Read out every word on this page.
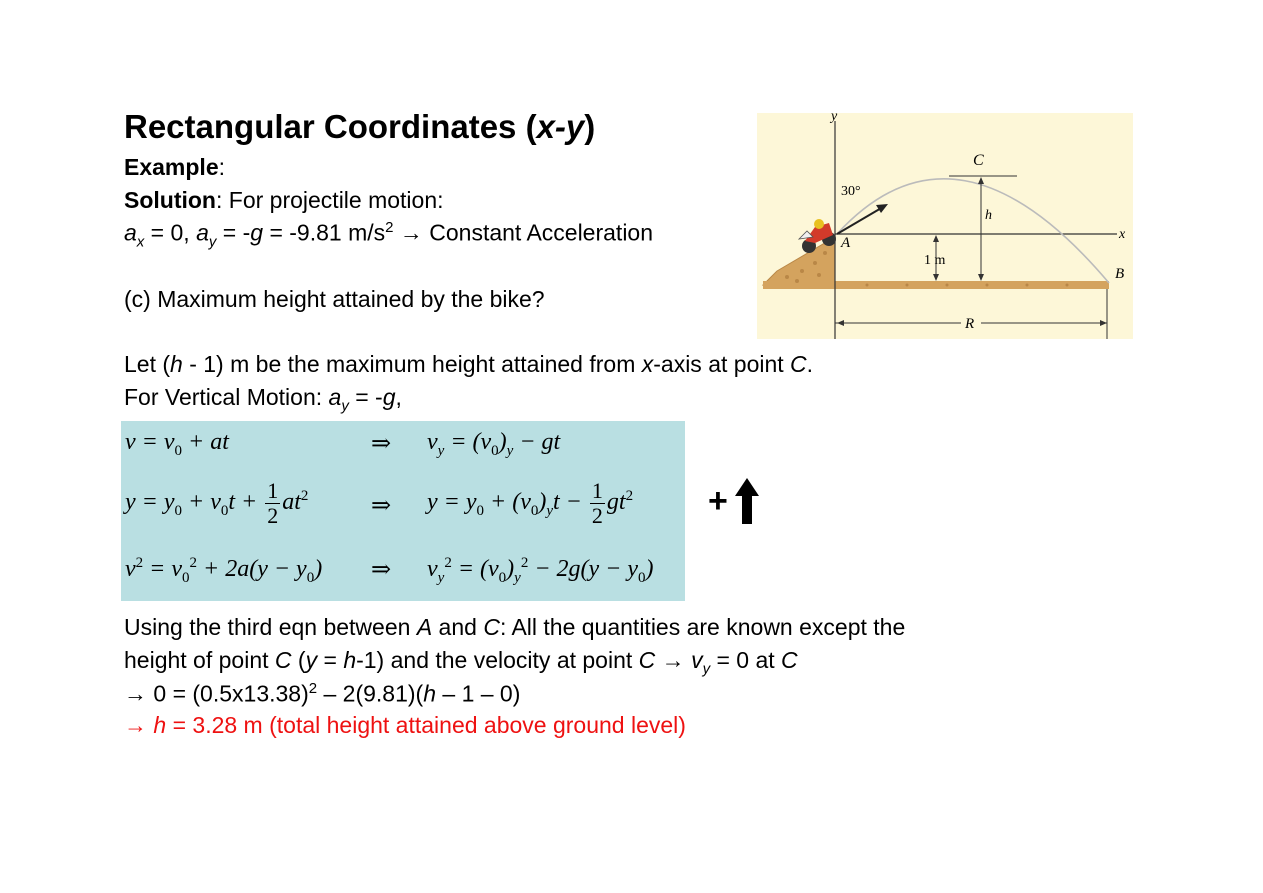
Rectangular Coordinates (x-y)
Example:
Solution: For projectile motion:
$a_x = 0$, $a_y = -g = -9.81$ $m/s^2$ → Constant Acceleration
(c) Maximum height attained by the bike?
y
x
30°
C
h
A
1 m
B
R
Let (h - 1) m be the maximum height attained from x-axis at point C.
For Vertical Motion: $a_y = -g$,
$v = v_0$ + at	⇒ $v_y = (v_0)_y$ − gt
$y = y_0 + v_0t + \frac{1}{2} at^2$	⇒ $y = y_0 + (v_0)_yt - \frac{1}{2} gt^2$
$v^2 = v_0^2 + 2a(y - y_0)$ ⇒ $v_y^2 = (v_0)_y^2 - 2g(y - y_0)$
+
Using the third eqn between A and C: All the quantities are known except the
height of point C (y = h-1) and the velocity at point $C \to v_y = 0$ at C
→ $0 = (0.5x13.38)^2 - 2(9.81)(h - 1 - 0)$
→ h = 3.28 m (total height attained above ground level)
